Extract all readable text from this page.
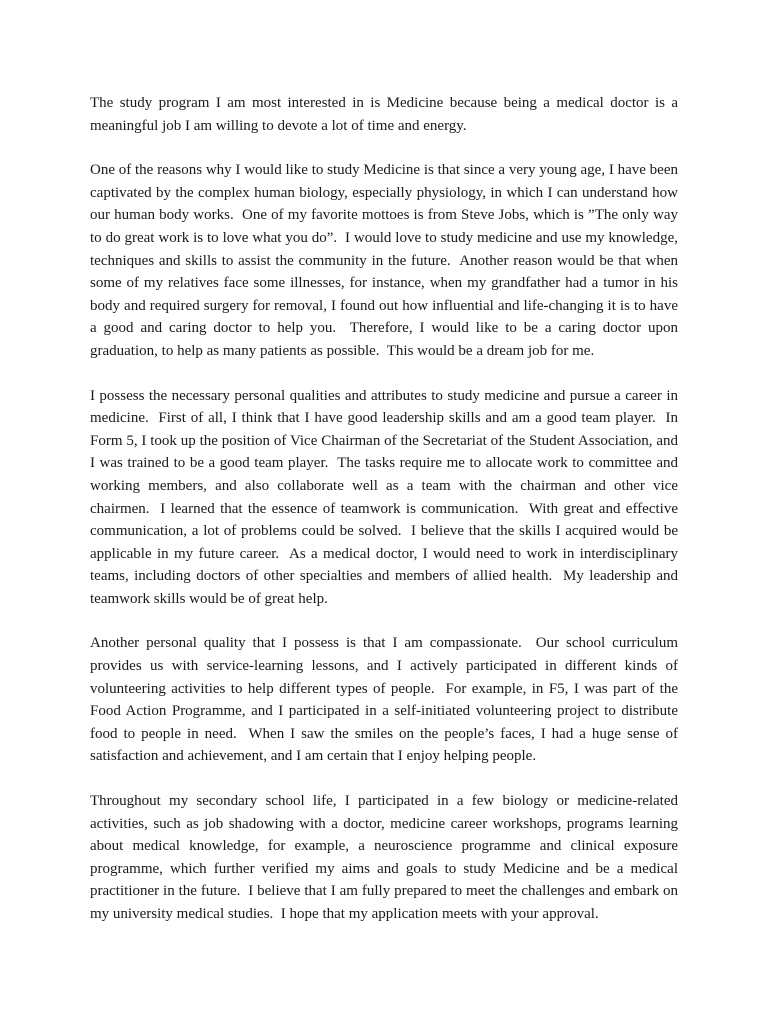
The study program I am most interested in is Medicine because being a medical doctor is a meaningful job I am willing to devote a lot of time and energy.

One of the reasons why I would like to study Medicine is that since a very young age, I have been captivated by the complex human biology, especially physiology, in which I can understand how our human body works.  One of my favorite mottoes is from Steve Jobs, which is ”The only way to do great work is to love what you do”.  I would love to study medicine and use my knowledge, techniques and skills to assist the community in the future.  Another reason would be that when some of my relatives face some illnesses, for instance, when my grandfather had a tumor in his body and required surgery for removal, I found out how influential and life-changing it is to have a good and caring doctor to help you.  Therefore, I would like to be a caring doctor upon graduation, to help as many patients as possible.  This would be a dream job for me.

I possess the necessary personal qualities and attributes to study medicine and pursue a career in medicine.  First of all, I think that I have good leadership skills and am a good team player.  In Form 5, I took up the position of Vice Chairman of the Secretariat of the Student Association, and I was trained to be a good team player.  The tasks require me to allocate work to committee and working members, and also collaborate well as a team with the chairman and other vice chairmen.  I learned that the essence of teamwork is communication.  With great and effective communication, a lot of problems could be solved.  I believe that the skills I acquired would be applicable in my future career.  As a medical doctor, I would need to work in interdisciplinary teams, including doctors of other specialties and members of allied health.  My leadership and teamwork skills would be of great help.

Another personal quality that I possess is that I am compassionate.  Our school curriculum provides us with service-learning lessons, and I actively participated in different kinds of volunteering activities to help different types of people.  For example, in F5, I was part of the Food Action Programme, and I participated in a self-initiated volunteering project to distribute food to people in need.  When I saw the smiles on the people’s faces, I had a huge sense of satisfaction and achievement, and I am certain that I enjoy helping people.

Throughout my secondary school life, I participated in a few biology or medicine-related activities, such as job shadowing with a doctor, medicine career workshops, programs learning about medical knowledge, for example, a neuroscience programme and clinical exposure programme, which further verified my aims and goals to study Medicine and be a medical practitioner in the future.  I believe that I am fully prepared to meet the challenges and embark on my university medical studies.  I hope that my application meets with your approval.
